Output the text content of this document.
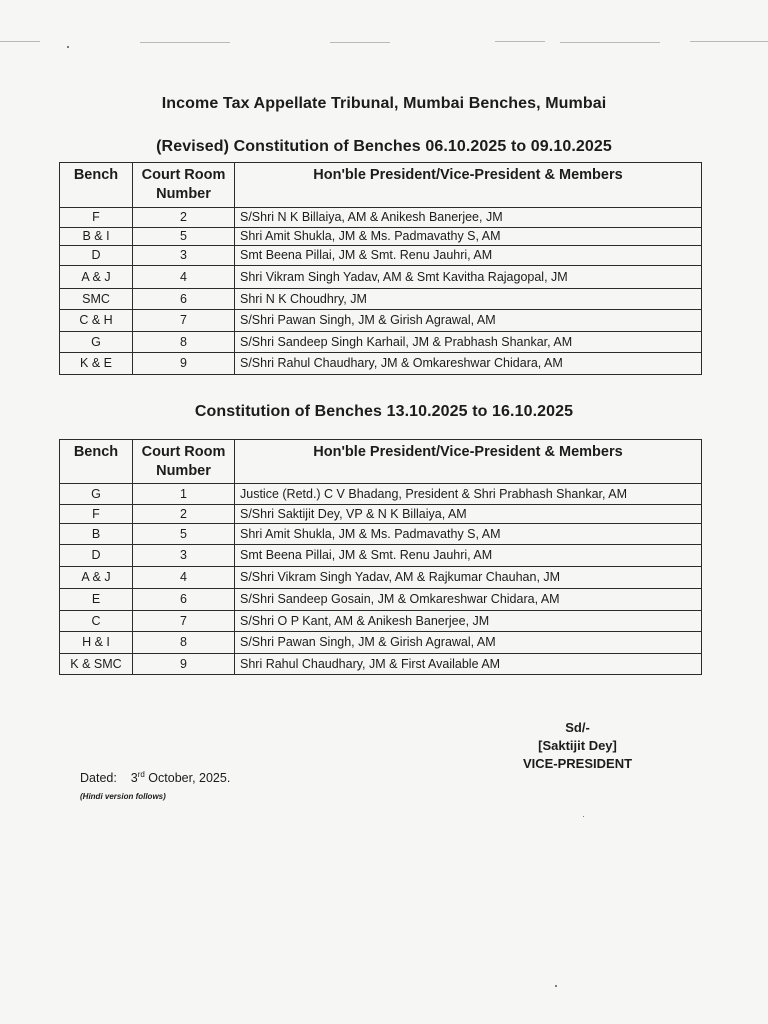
Income Tax Appellate Tribunal, Mumbai Benches, Mumbai
(Revised) Constitution of Benches 06.10.2025 to 09.10.2025
Bench	Court Room Number	Hon'ble President/Vice-President & Members

F	2	S/Shri N K Billaiya, AM & Anikesh Banerjee, JM
B & I	5	Shri Amit Shukla, JM & Ms. Padmavathy S, AM
D	3	Smt Beena Pillai, JM & Smt. Renu Jauhri, AM
A & J	4	Shri Vikram Singh Yadav, AM & Smt Kavitha Rajagopal, JM
SMC	6	Shri N K Choudhry, JM
C & H	7	S/Shri Pawan Singh, JM & Girish Agrawal, AM
G	8	S/Shri Sandeep Singh Karhail, JM & Prabhash Shankar, AM
K & E	9	S/Shri Rahul Chaudhary, JM & Omkareshwar Chidara, AM
Constitution of Benches 13.10.2025 to 16.10.2025
Bench	Court Room Number	Hon'ble President/Vice-President & Members

G	1	Justice (Retd.) C V Bhadang, President & Shri Prabhash Shankar, AM
F	2	S/Shri Saktijit Dey, VP & N K Billaiya, AM
B	5	Shri Amit Shukla, JM & Ms. Padmavathy S, AM
D	3	Smt Beena Pillai, JM & Smt. Renu Jauhri, AM
A & J	4	S/Shri Vikram Singh Yadav, AM & Rajkumar Chauhan, JM
E	6	S/Shri Sandeep Gosain, JM & Omkareshwar Chidara, AM
C	7	S/Shri O P Kant, AM & Anikesh Banerjee, JM
H & I	8	S/Shri Pawan Singh, JM & Girish Agrawal, AM
K & SMC	9	Shri Rahul Chaudhary, JM & First Available AM
Sd/-
[Saktijit Dey]
VICE-PRESIDENT
Dated: 3rd October, 2025.
(Hindi version follows)
